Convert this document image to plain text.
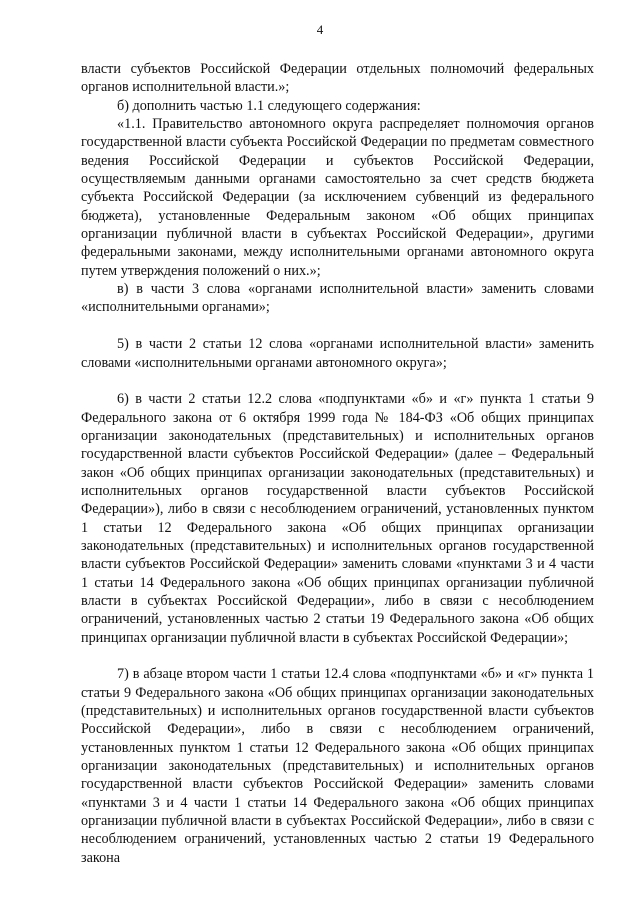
4

власти субъектов Российской Федерации отдельных полномочий федеральных органов исполнительной власти.»;

б) дополнить частью 1.1 следующего содержания:

«1.1. Правительство автономного округа распределяет полномочия органов государственной власти субъекта Российской Федерации по предметам совместного ведения Российской Федерации и субъектов Российской Федерации, осуществляемым данными органами самостоятельно за счет средств бюджета субъекта Российской Федерации (за исключением субвенций из федерального бюджета), установленные Федеральным законом «Об общих принципах организации публичной власти в субъектах Российской Федерации», другими федеральными законами, между исполнительными органами автономного округа путем утверждения положений о них.»;

в) в части 3 слова «органами исполнительной власти» заменить словами «исполнительными органами»;

5) в части 2 статьи 12 слова «органами исполнительной власти» заменить словами «исполнительными органами автономного округа»;

6) в части 2 статьи 12.2 слова «подпунктами «б» и «г» пункта 1 статьи 9 Федерального закона от 6 октября 1999 года № 184-ФЗ «Об общих принципах организации законодательных (представительных) и исполнительных органов государственной власти субъектов Российской Федерации» (далее – Федеральный закон «Об общих принципах организации законодательных (представительных) и исполнительных органов государственной власти субъектов Российской Федерации»), либо в связи с несоблюдением ограничений, установленных пунктом 1 статьи 12 Федерального закона «Об общих принципах организации законодательных (представительных) и исполнительных органов государственной власти субъектов Российской Федерации» заменить словами «пунктами 3 и 4 части 1 статьи 14 Федерального закона «Об общих принципах организации публичной власти в субъектах Российской Федерации», либо в связи с несоблюдением ограничений, установленных частью 2 статьи 19 Федерального закона «Об общих принципах организации публичной власти в субъектах Российской Федерации»;

7) в абзаце втором части 1 статьи 12.4 слова «подпунктами «б» и «г» пункта 1 статьи 9 Федерального закона «Об общих принципах организации законодательных (представительных) и исполнительных органов государственной власти субъектов Российской Федерации», либо в связи с несоблюдением ограничений, установленных пунктом 1 статьи 12 Федерального закона «Об общих принципах организации законодательных (представительных) и исполнительных органов государственной власти субъектов Российской Федерации» заменить словами «пунктами 3 и 4 части 1 статьи 14 Федерального закона «Об общих принципах организации публичной власти в субъектах Российской Федерации», либо в связи с несоблюдением ограничений, установленных частью 2 статьи 19 Федерального закона
